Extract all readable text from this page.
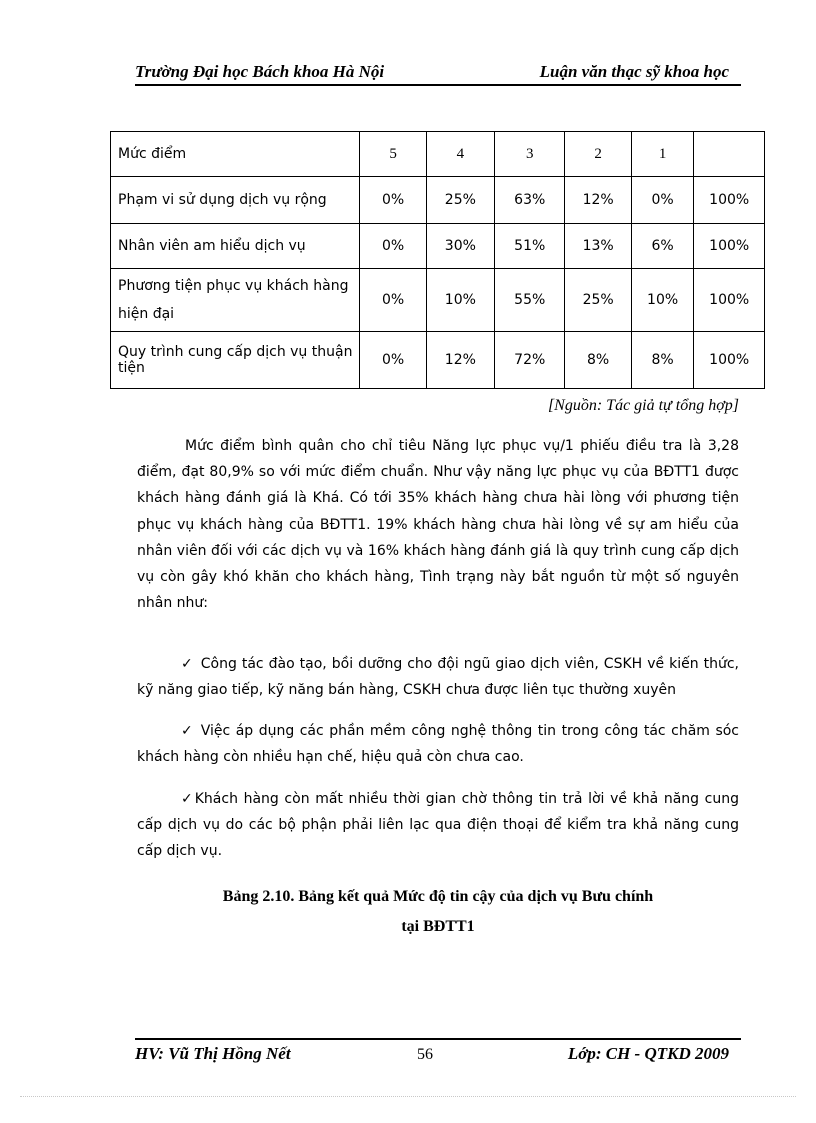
Trường Đại học Bách khoa Hà Nội	Luận văn thạc sỹ khoa học
Mức điểm	5	4	3	2	1	
Phạm vi sử dụng dịch vụ rộng	0%	25%	63%	12%	0%	100%
Nhân viên am hiểu dịch vụ	0%	30%	51%	13%	6%	100%
Phương tiện phục vụ khách hàng hiện đại	0%	10%	55%	25%	10%	100%
Quy trình cung cấp dịch vụ thuận tiện	0%	12%	72%	8%	8%	100%
[Nguồn: Tác giả tự tổng hợp]
Mức điểm bình quân cho chỉ tiêu Năng lực phục vụ/1 phiếu điều tra là 3,28 điểm, đạt 80,9% so với mức điểm chuẩn. Như vậy năng lực phục vụ của BĐTT1 được khách hàng đánh giá là Khá. Có tới 35% khách hàng chưa hài lòng với phương tiện phục vụ khách hàng của BĐTT1. 19% khách hàng chưa hài lòng về sự am hiểu của nhân viên đối với các dịch vụ và 16% khách hàng đánh giá là quy trình cung cấp dịch vụ còn gây khó khăn cho khách hàng, Tình trạng này bắt nguồn từ một số nguyên nhân như:
✓ Công tác đào tạo, bồi dưỡng cho đội ngũ giao dịch viên, CSKH về kiến thức, kỹ năng giao tiếp, kỹ năng bán hàng, CSKH chưa được liên tục thường xuyên
✓ Việc áp dụng các phần mềm công nghệ thông tin trong công tác chăm sóc khách hàng còn nhiều hạn chế, hiệu quả còn chưa cao.
✓ Khách hàng còn mất nhiều thời gian chờ thông tin trả lời về khả năng cung cấp dịch vụ do các bộ phận phải liên lạc qua điện thoại để kiểm tra khả năng cung cấp dịch vụ.
Bảng 2.10. Bảng kết quả Mức độ tin cậy của dịch vụ Bưu chính
tại BĐTT1
HV: Vũ Thị Hồng Nết	56	Lớp: CH - QTKD 2009
